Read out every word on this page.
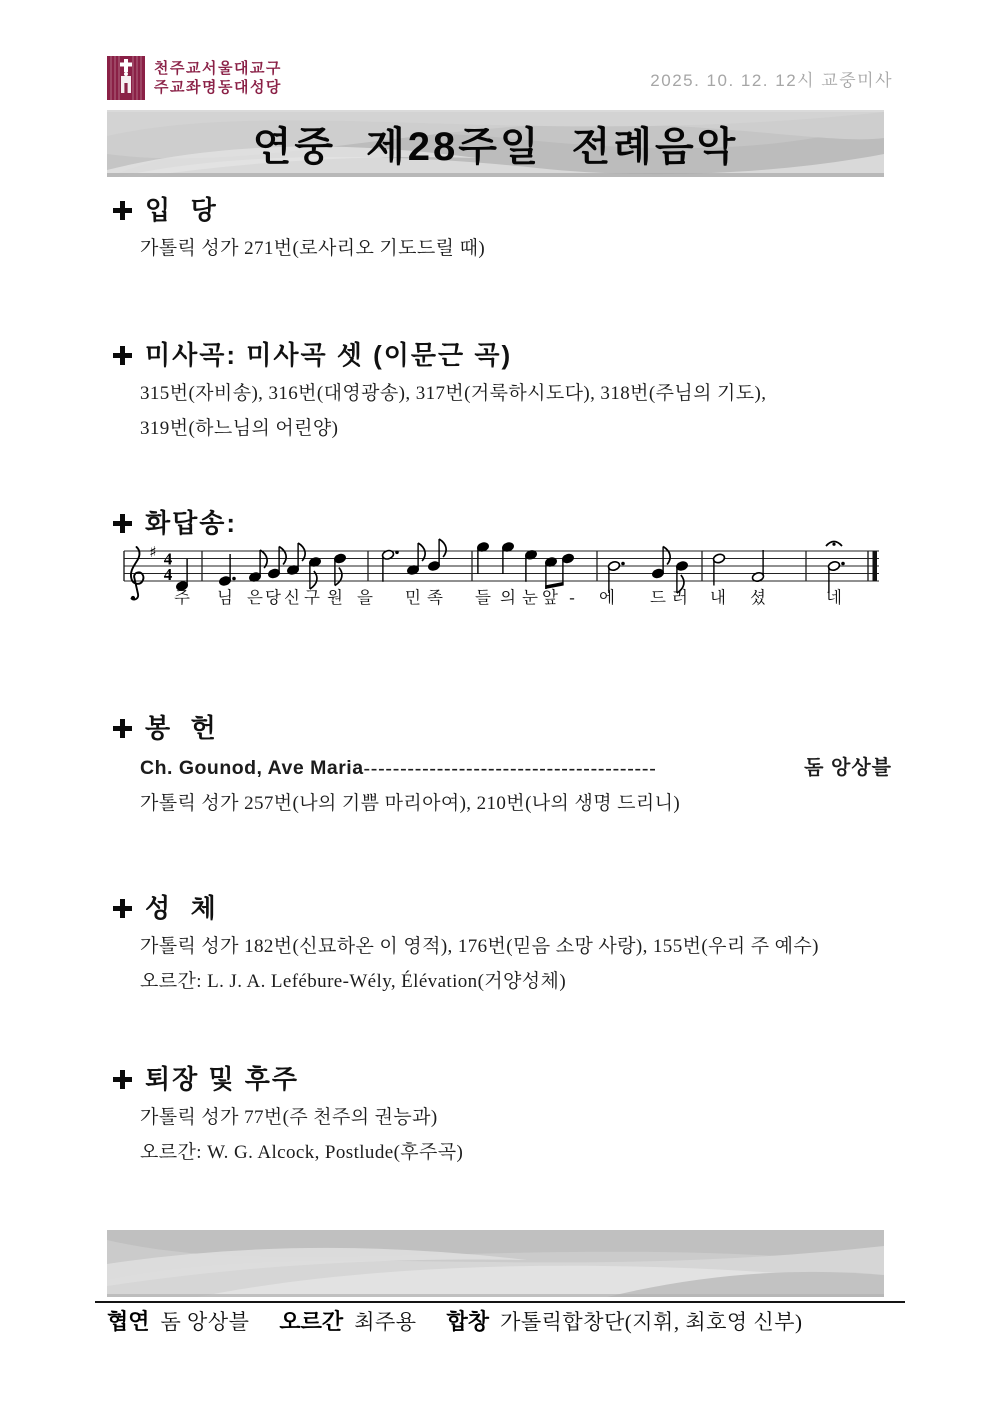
천주교서울대교구
주교좌명동대성당	2025. 10. 12. 12시 교중미사
연중 제28주일 전례음악
입  당
가톨릭 성가 271번(로사리오 기도드릴 때)
미사곡: 미사곡 셋 (이문근 곡)
315번(자비송), 316번(대영광송), 317번(거룩하시도다), 318번(주님의 기도),
319번(하느님의 어린양)
화답송:
♯ 4
4
주 님 은 당 신 구 원 을 민 족 들 의 눈 앞 - 에 드 러 내 셨	네
봉  헌
Ch. Gounod, Ave Maria ----------------------------------------	돔 앙상블
가톨릭 성가 257번(나의 기쁨 마리아여), 210번(나의 생명 드리니)
성  체
가톨릭 성가 182번(신묘하온 이 영적), 176번(믿음 소망 사랑), 155번(우리 주 예수)
오르간: L. J. A. Lefébure-Wély, Élévation(거양성체)
퇴장 및 후주
가톨릭 성가 77번(주 천주의 권능과)
오르간: W. G. Alcock, Postlude(후주곡)
협연 돔 앙상블 오르간 최주용 합창 가톨릭합창단(지휘, 최호영 신부)
